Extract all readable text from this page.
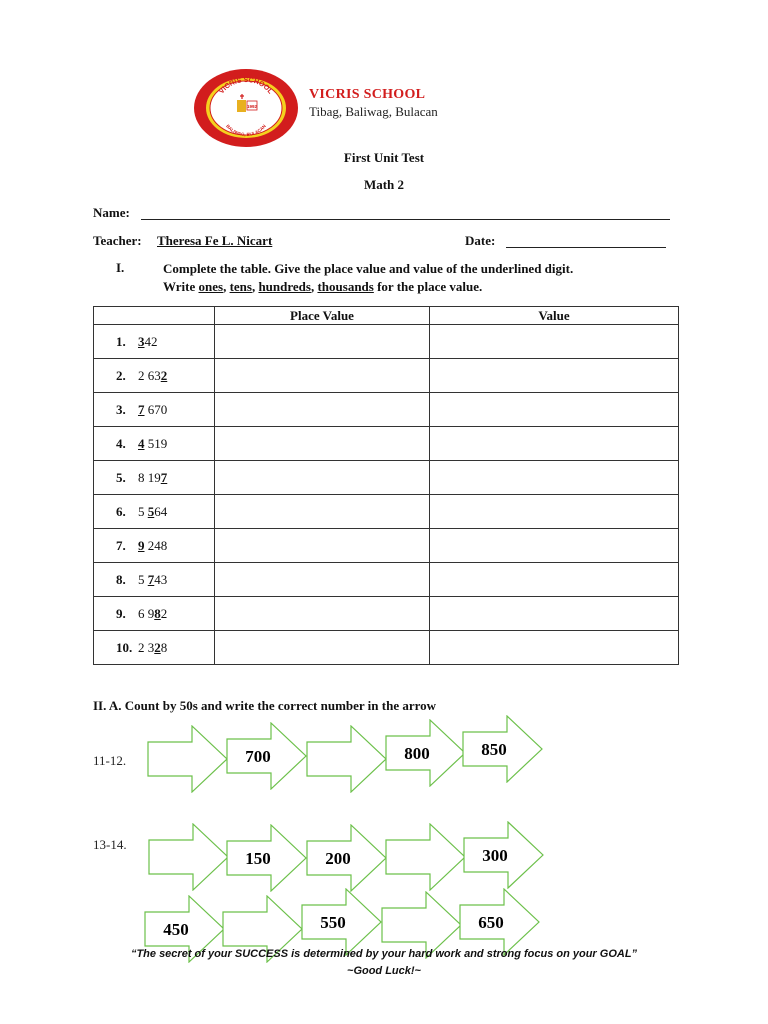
VICRIS SCHOOL
BALIWAG, BULACAN
1992
VICRIS SCHOOL
Tibag, Baliwag, Bulacan
First Unit Test
Math 2
Name:
Teacher: Theresa Fe L. Nicart	Date:
I.	Complete the table. Give the place value and value of the underlined digit.
Write ones, tens, hundreds, thousands for the place value.
	Place Value	Value
1. 342		
2. 2 632		
3. 7 670		
4. 4 519		
5. 8 197		
6. 5 564		
7. 9 248		
8. 5 743		
9. 6 982		
10. 2 328		
II. A. Count by 50s and write the correct number in the arrow
11-12.
13-14.
700	800	850
150	200	300
450	550	650
“The secret of your SUCCESS is determined by your hard work and strong focus on your GOAL”
~Good Luck!~
